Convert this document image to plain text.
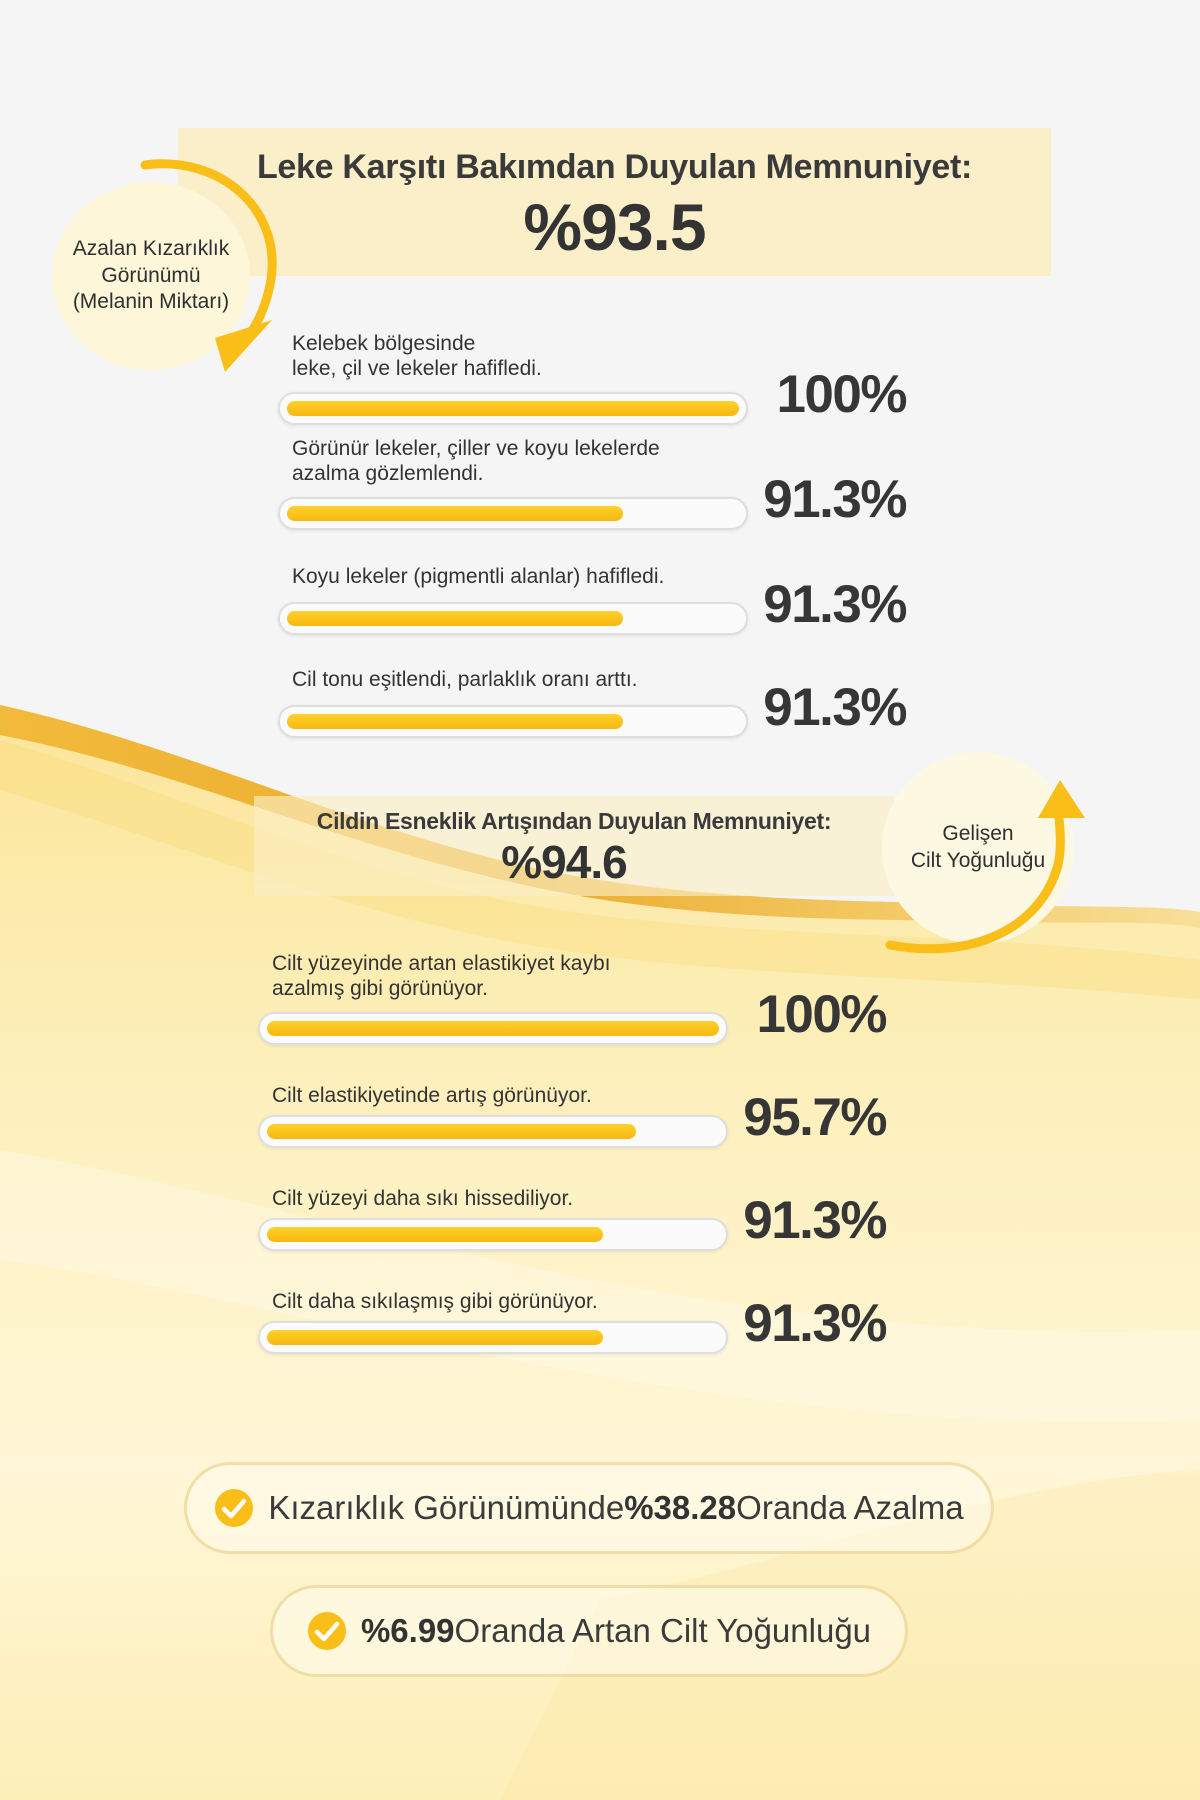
Leke Karşıtı Bakımdan Duyulan Memnuniyet:
%93.5
Azalan Kızarıklık
Görünümü
(Melanin Miktarı)
Kelebek bölgesinde
leke, çil ve lekeler hafifledi.	100%
Görünür lekeler, çiller ve koyu lekelerde
azalma gözlemlendi.	91.3%
Koyu lekeler (pigmentli alanlar) hafifledi.	91.3%
Cil tonu eşitlendi, parlaklık oranı arttı.	91.3%
Cildin Esneklik Artışından Duyulan Memnuniyet:
%94.6
Gelişen
Cilt Yoğunluğu
Cilt yüzeyinde artan elastikiyet kaybı
azalmış gibi görünüyor.	100%
Cilt elastikiyetinde artış görünüyor.	95.7%
Cilt yüzeyi daha sıkı hissediliyor.	91.3%
Cilt daha sıkılaşmış gibi görünüyor.	91.3%
Kızarıklık Görünümünde %38.28 Oranda Azalma
%6.99 Oranda Artan Cilt Yoğunluğu
